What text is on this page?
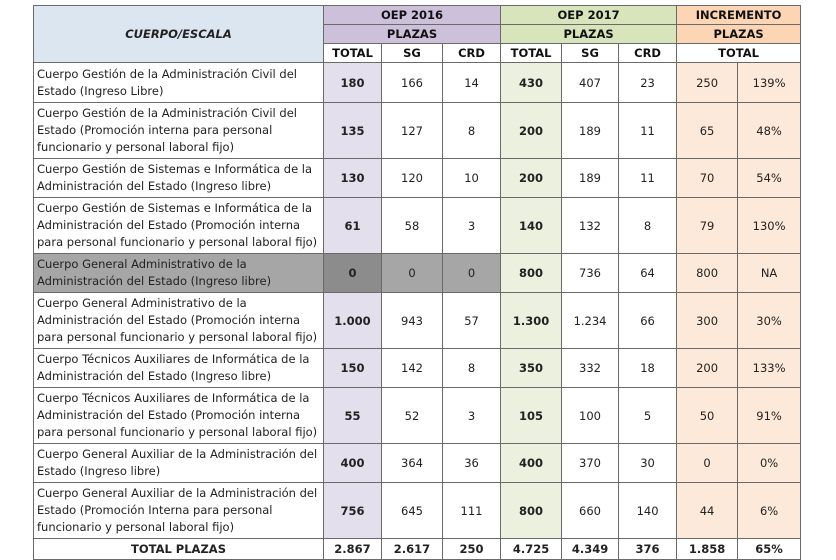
CUERPO/ESCALA	OEP 2016			OEP 2017			INCREMENTO	
	PLAZAS			PLAZAS			PLAZAS	
	TOTAL	SG	CRD	TOTAL	SG	CRD	TOTAL	
Cuerpo Gestión de la Administración Civil del Estado (Ingreso Libre)	180	166	14	430	407	23	250	139%
Cuerpo Gestión de la Administración Civil del Estado (Promoción interna para personal funcionario y personal laboral fijo)	135	127	8	200	189	11	65	48%
Cuerpo Gestión de Sistemas e Informática de la Administración del Estado (Ingreso libre)	130	120	10	200	189	11	70	54%
Cuerpo Gestión de Sistemas e Informática de la Administración del Estado (Promoción interna para personal funcionario y personal laboral fijo)	61	58	3	140	132	8	79	130%
Cuerpo General Administrativo de la Administración del Estado (Ingreso libre)	0	0	0	800	736	64	800	NA
Cuerpo General Administrativo de la Administración del Estado (Promoción interna para personal funcionario y personal laboral fijo)	1.000	943	57	1.300	1.234	66	300	30%
Cuerpo Técnicos Auxiliares de Informática de la Administración del Estado (Ingreso libre)	150	142	8	350	332	18	200	133%
Cuerpo Técnicos Auxiliares de Informática de la Administración del Estado (Promoción interna para personal funcionario y personal laboral fijo)	55	52	3	105	100	5	50	91%
Cuerpo General Auxiliar de la Administración del Estado (Ingreso libre)	400	364	36	400	370	30	0	0%
Cuerpo General Auxiliar de la Administración del Estado (Promoción Interna para personal funcionario y personal laboral fijo)	756	645	111	800	660	140	44	6%
TOTAL PLAZAS	2.867	2.617	250	4.725	4.349	376	1.858	65%
